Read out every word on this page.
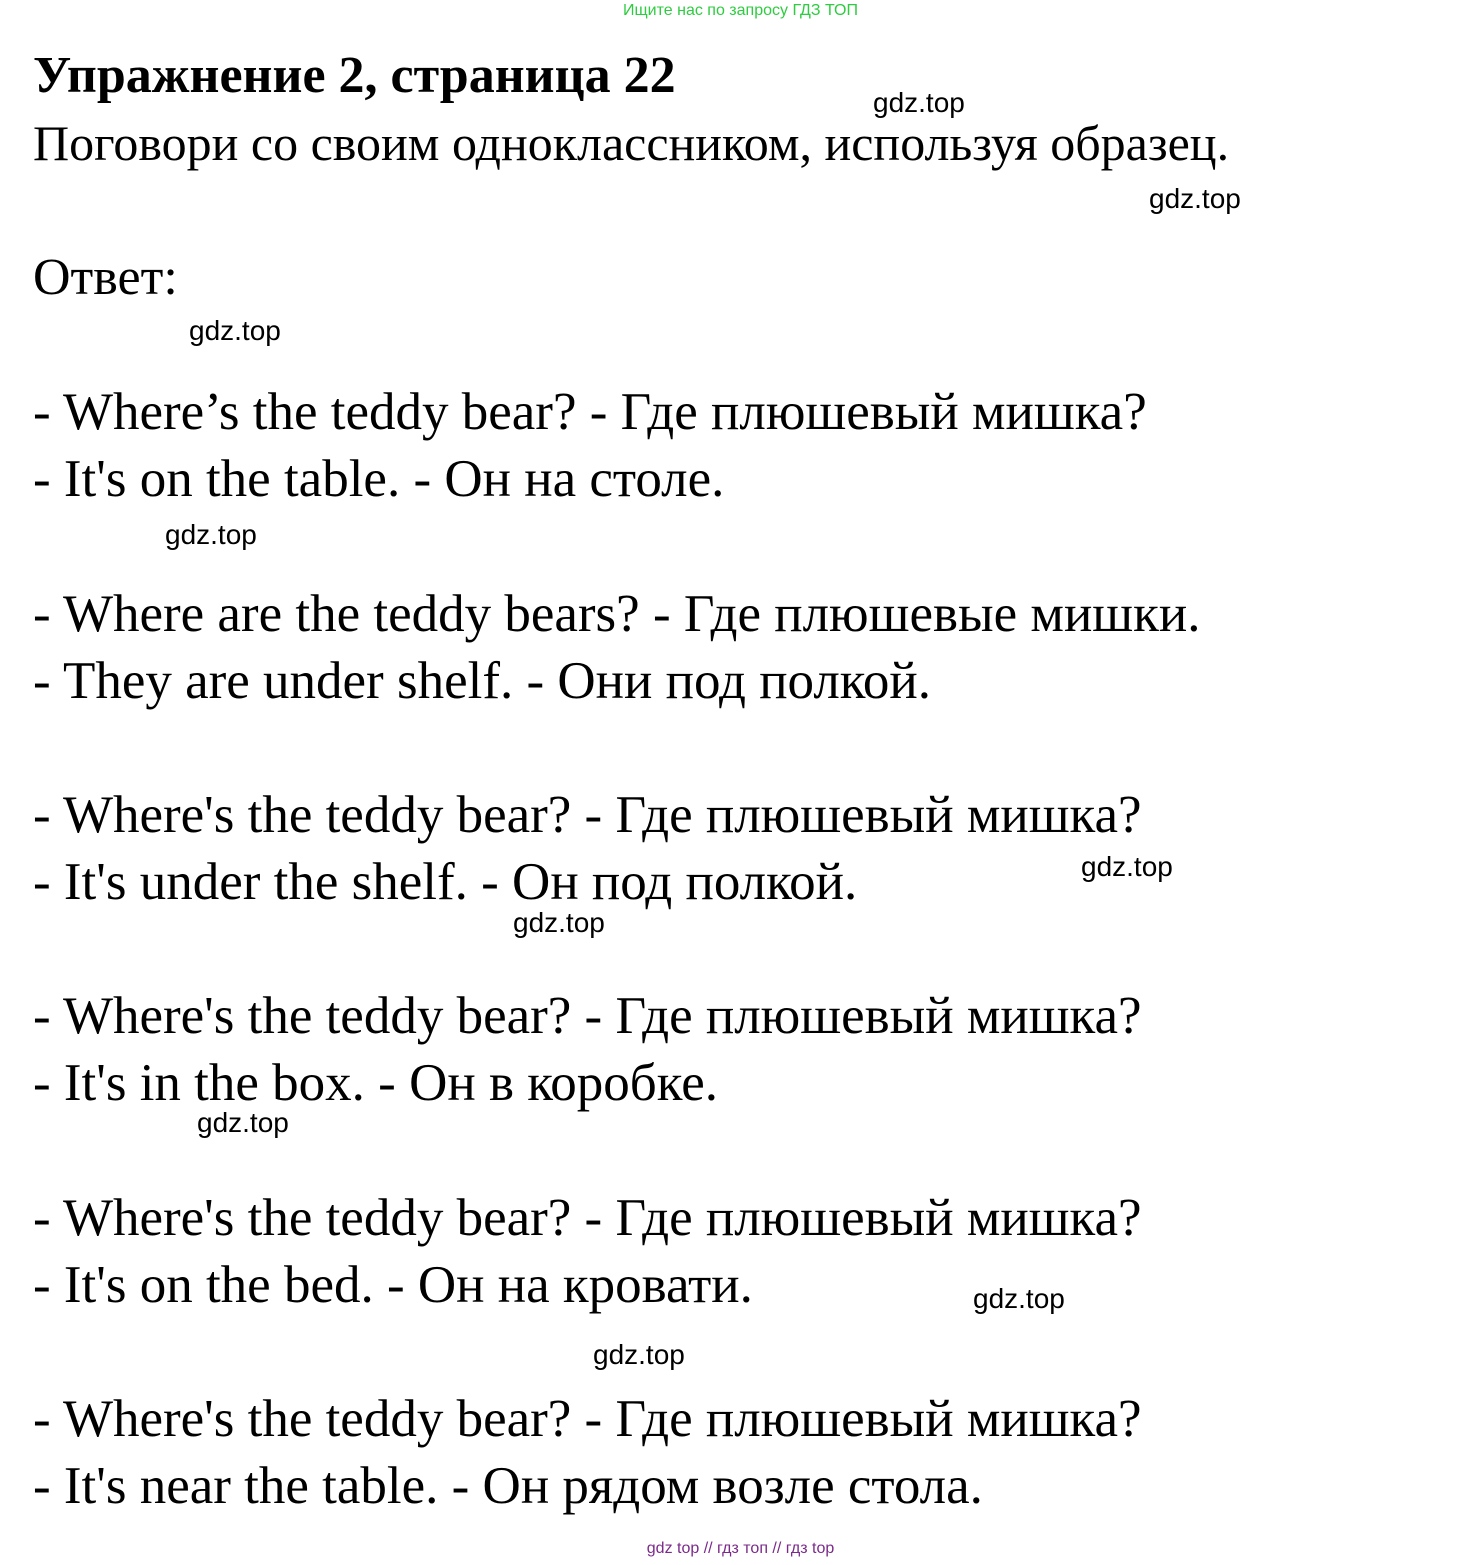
Ищите нас по запросу ГДЗ ТОП
Упражнение 2, страница 22
Поговори со своим одноклассником, используя образец.
Ответ:
- Where’s the teddy bear? - Где плюшевый мишка?
- It's on the table. - Он на столе.
- Where are the teddy bears? - Где плюшевые мишки.
- They are under shelf. - Они под полкой.
- Where's the teddy bear? - Где плюшевый мишка?
- It's under the shelf. - Он под полкой.
- Where's the teddy bear? - Где плюшевый мишка?
- It's in the box. - Он в коробке.
- Where's the teddy bear? - Где плюшевый мишка?
- It's on the bed. - Он на кровати.
- Where's the teddy bear? - Где плюшевый мишка?
- It's near the table. - Он рядом возле стола.
gdz.top
gdz.top
gdz.top
gdz.top
gdz.top
gdz.top
gdz.top
gdz.top
gdz.top
gdz top // гдз топ // гдз top
